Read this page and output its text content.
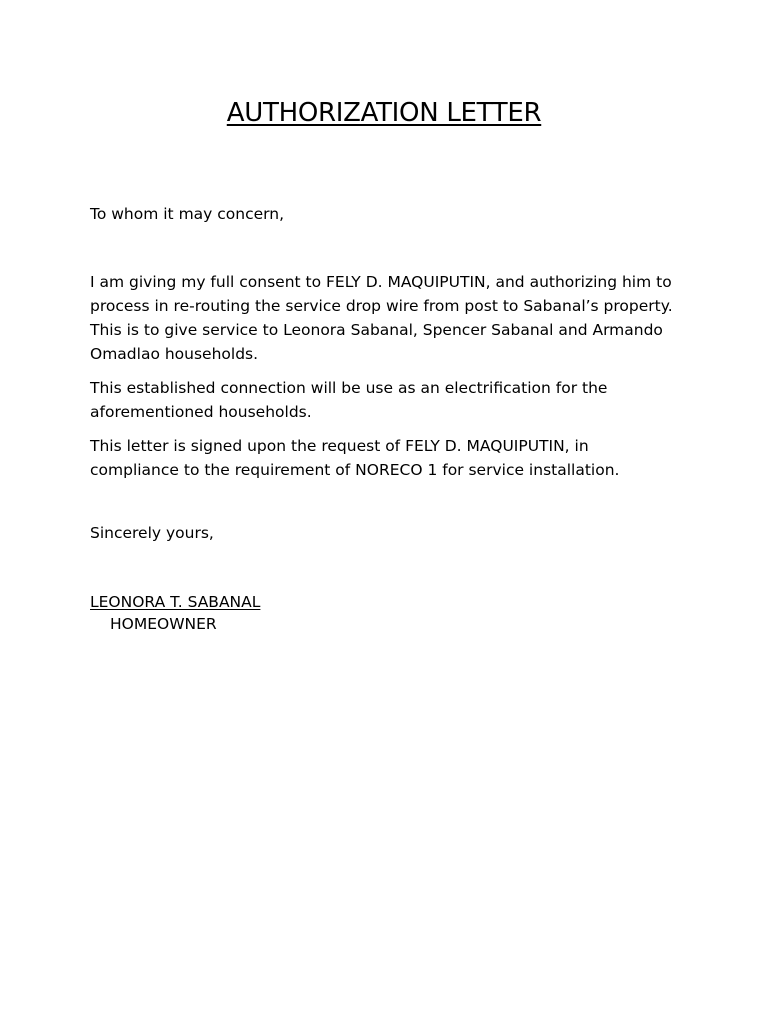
AUTHORIZATION LETTER

To whom it may concern,

I am giving my full consent to FELY D. MAQUIPUTIN, and authorizing him to process in re-routing the service drop wire from post to Sabanal’s property. This is to give service to Leonora Sabanal, Spencer Sabanal and Armando Omadlao households.

This established connection will be use as an electrification for the aforementioned households.

This letter is signed upon the request of FELY D. MAQUIPUTIN, in compliance to the requirement of NORECO 1 for service installation.

Sincerely yours,

LEONORA T. SABANAL

HOMEOWNER
